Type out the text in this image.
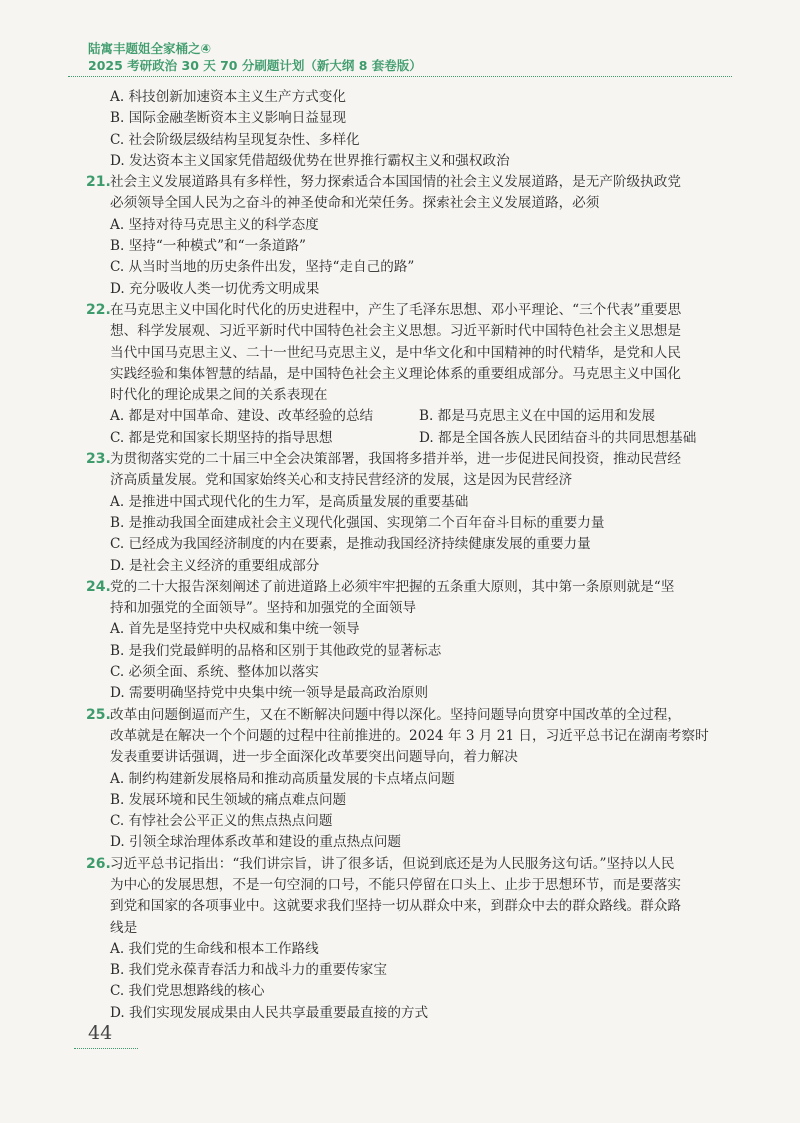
陆寓丰题姐全家桶之④
2025 考研政治 30 天 70 分刷题计划（新大纲 8 套卷版）
A. 科技创新加速资本主义生产方式变化
B. 国际金融垄断资本主义影响日益显现
C. 社会阶级层级结构呈现复杂性、多样化
D. 发达资本主义国家凭借超级优势在世界推行霸权主义和强权政治
21. 社会主义发展道路具有多样性，努力探索适合本国国情的社会主义发展道路，是无产阶级执政党
必须领导全国人民为之奋斗的神圣使命和光荣任务。探索社会主义发展道路，必须
A. 坚持对待马克思主义的科学态度
B. 坚持“一种模式”和“一条道路”
C. 从当时当地的历史条件出发，坚持“走自己的路”
D. 充分吸收人类一切优秀文明成果
22. 在马克思主义中国化时代化的历史进程中，产生了毛泽东思想、邓小平理论、“三个代表”重要思
想、科学发展观、习近平新时代中国特色社会主义思想。习近平新时代中国特色社会主义思想是
当代中国马克思主义、二十一世纪马克思主义，是中华文化和中国精神的时代精华，是党和人民
实践经验和集体智慧的结晶，是中国特色社会主义理论体系的重要组成部分。马克思主义中国化
时代化的理论成果之间的关系表现在
A. 都是对中国革命、建设、改革经验的总结	B. 都是马克思主义在中国的运用和发展
C. 都是党和国家长期坚持的指导思想	D. 都是全国各族人民团结奋斗的共同思想基础
23. 为贯彻落实党的二十届三中全会决策部署，我国将多措并举，进一步促进民间投资，推动民营经
济高质量发展。党和国家始终关心和支持民营经济的发展，这是因为民营经济
A. 是推进中国式现代化的生力军，是高质量发展的重要基础
B. 是推动我国全面建成社会主义现代化强国、实现第二个百年奋斗目标的重要力量
C. 已经成为我国经济制度的内在要素，是推动我国经济持续健康发展的重要力量
D. 是社会主义经济的重要组成部分
24. 党的二十大报告深刻阐述了前进道路上必须牢牢把握的五条重大原则，其中第一条原则就是“坚
持和加强党的全面领导”。坚持和加强党的全面领导
A. 首先是坚持党中央权威和集中统一领导
B. 是我们党最鲜明的品格和区别于其他政党的显著标志
C. 必须全面、系统、整体加以落实
D. 需要明确坚持党中央集中统一领导是最高政治原则
25. 改革由问题倒逼而产生，又在不断解决问题中得以深化。坚持问题导向贯穿中国改革的全过程，
改革就是在解决一个个问题的过程中往前推进的。2024 年 3 月 21 日，习近平总书记在湖南考察时
发表重要讲话强调，进一步全面深化改革要突出问题导向，着力解决
A. 制约构建新发展格局和推动高质量发展的卡点堵点问题
B. 发展环境和民生领域的痛点难点问题
C. 有悖社会公平正义的焦点热点问题
D. 引领全球治理体系改革和建设的重点热点问题
26. 习近平总书记指出：“我们讲宗旨，讲了很多话，但说到底还是为人民服务这句话。”坚持以人民
为中心的发展思想，不是一句空洞的口号，不能只停留在口头上、止步于思想环节，而是要落实
到党和国家的各项事业中。这就要求我们坚持一切从群众中来，到群众中去的群众路线。群众路
线是
A. 我们党的生命线和根本工作路线
B. 我们党永葆青春活力和战斗力的重要传家宝
C. 我们党思想路线的核心
D. 我们实现发展成果由人民共享最重要最直接的方式
44
